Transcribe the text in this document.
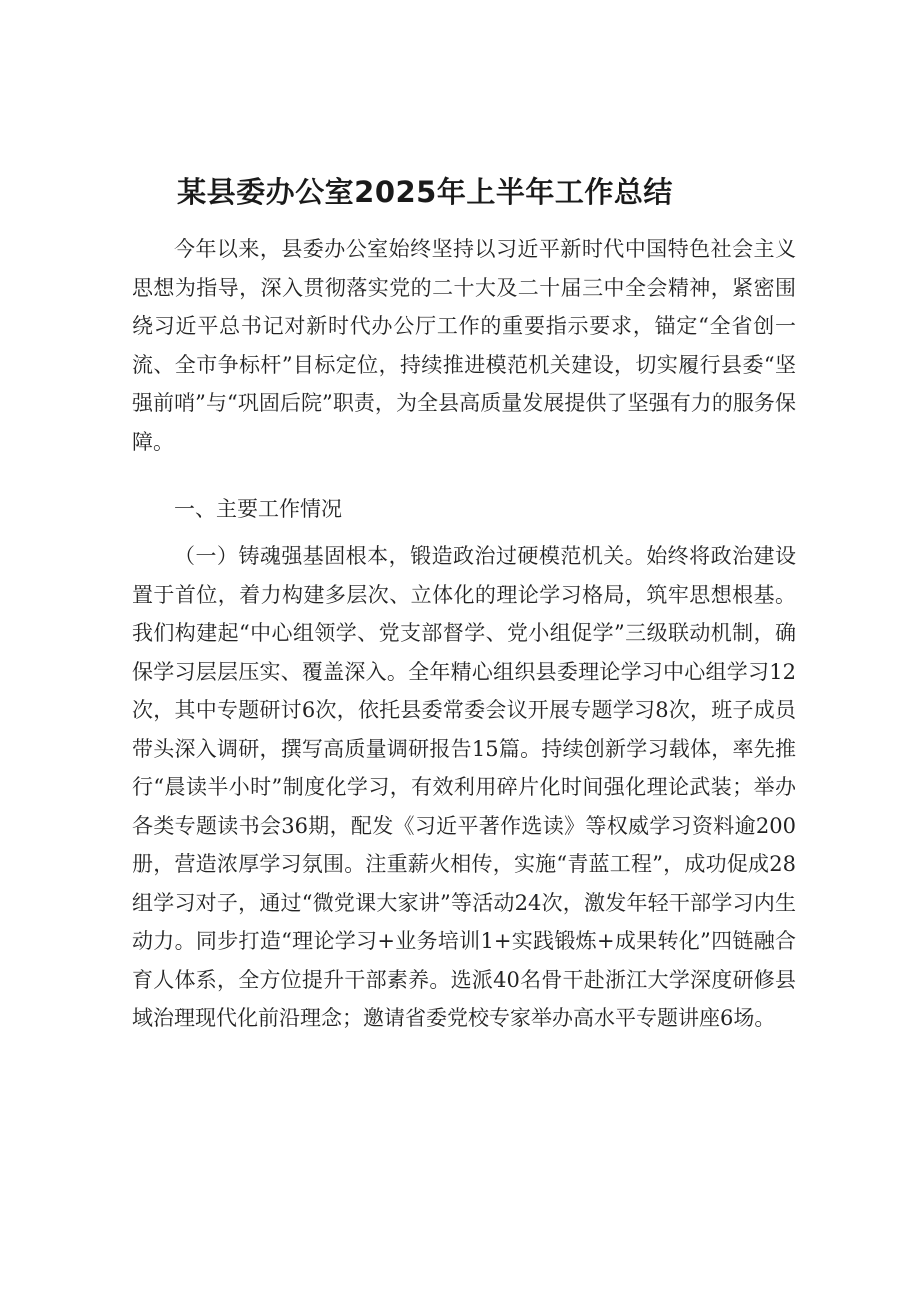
某县委办公室2025年上半年工作总结

今年以来，县委办公室始终坚持以习近平新时代中国特色社会主义思想为指导，深入贯彻落实党的二十大及二十届三中全会精神，紧密围绕习近平总书记对新时代办公厅工作的重要指示要求，锚定“全省创一流、全市争标杆”目标定位，持续推进模范机关建设，切实履行县委“坚强前哨”与“巩固后院”职责，为全县高质量发展提供了坚强有力的服务保障。

一、主要工作情况

（一）铸魂强基固根本，锻造政治过硬模范机关。始终将政治建设置于首位，着力构建多层次、立体化的理论学习格局，筑牢思想根基。我们构建起“中心组领学、党支部督学、党小组促学”三级联动机制，确保学习层层压实、覆盖深入。全年精心组织县委理论学习中心组学习12次，其中专题研讨6次，依托县委常委会议开展专题学习8次，班子成员带头深入调研，撰写高质量调研报告15篇。持续创新学习载体，率先推行“晨读半小时”制度化学习，有效利用碎片化时间强化理论武装；举办各类专题读书会36期，配发《习近平著作选读》等权威学习资料逾200册，营造浓厚学习氛围。注重薪火相传，实施“青蓝工程”，成功促成28组学习对子，通过“微党课大家讲”等活动24次，激发年轻干部学习内生动力。同步打造“理论学习+业务培训1+实践锻炼+成果转化”四链融合育人体系，全方位提升干部素养。选派40名骨干赴浙江大学深度研修县域治理现代化前沿理念；邀请省委党校专家举办高水平专题讲座6场。
